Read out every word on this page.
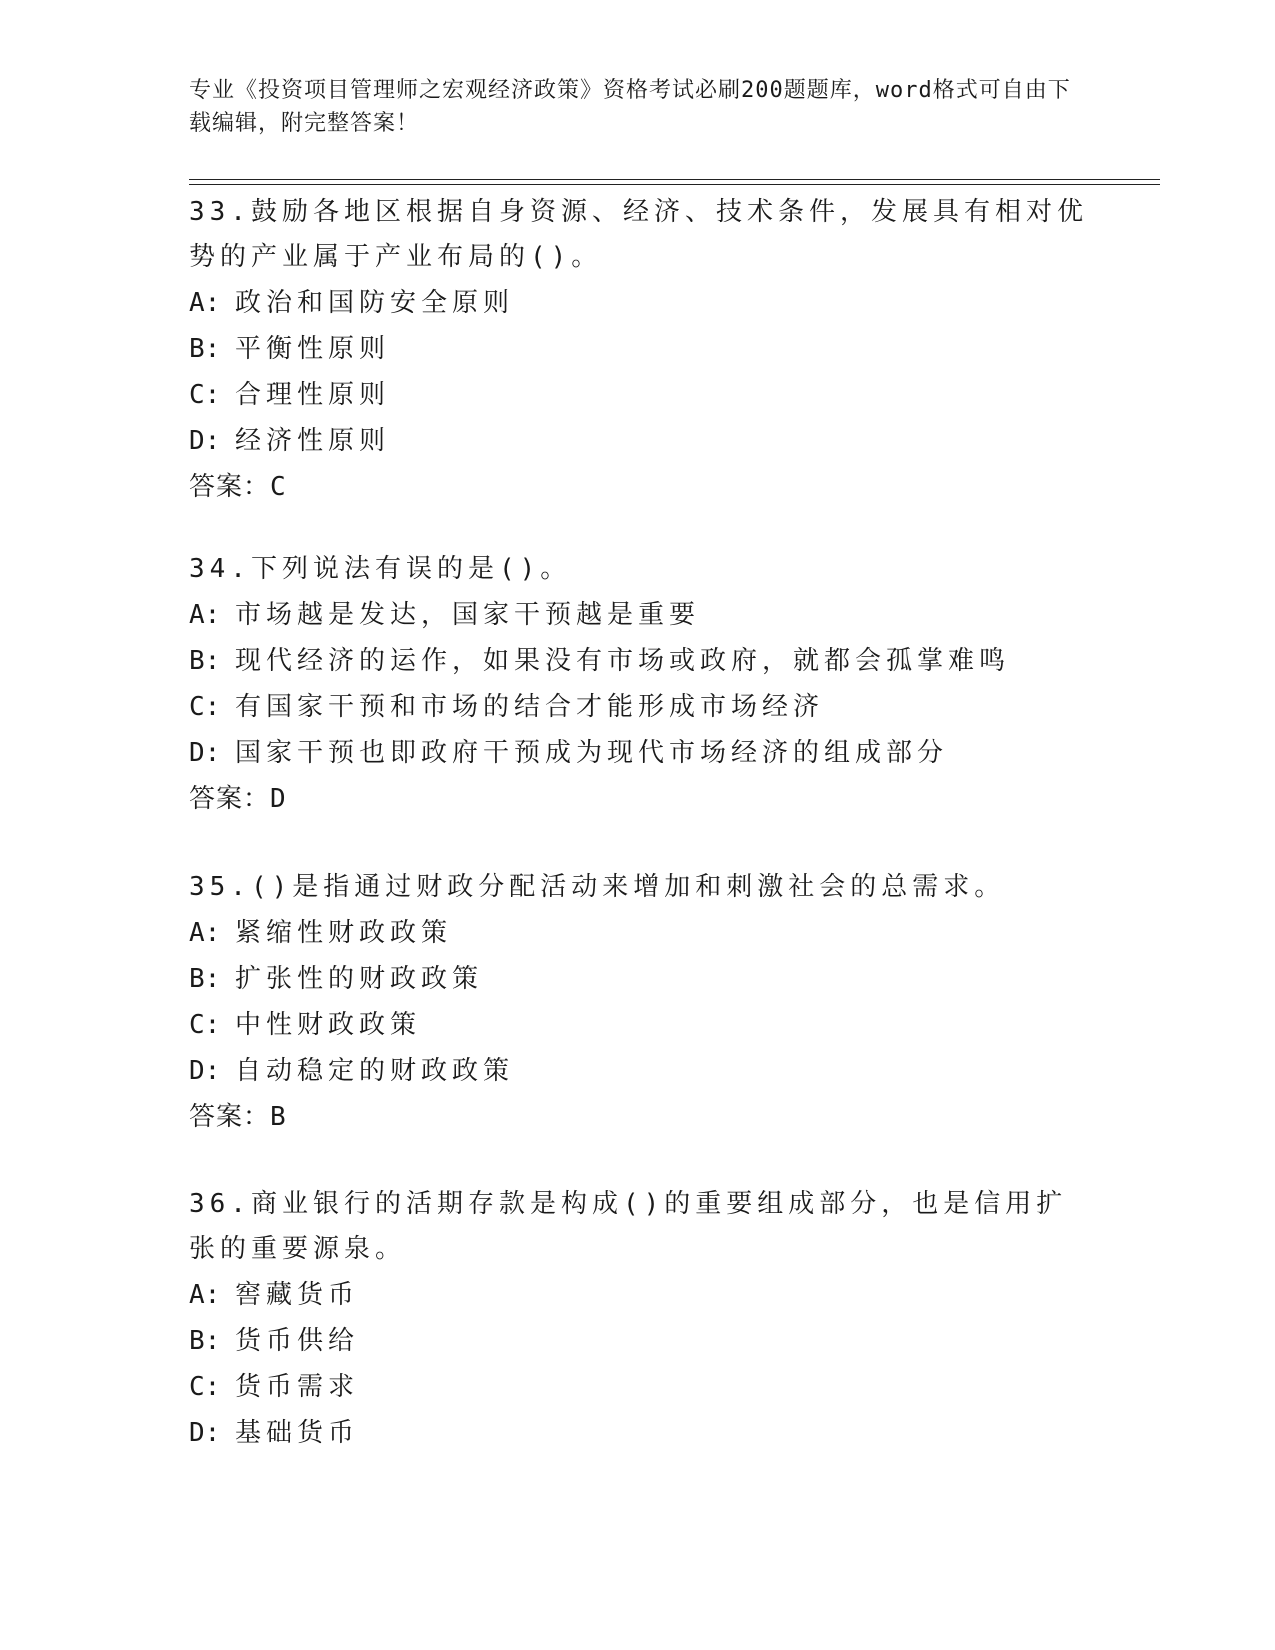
专业《投资项目管理师之宏观经济政策》资格考试必刷200题题库，word格式可自由下载编辑，附完整答案！
33.鼓励各地区根据自身资源、经济、技术条件，发展具有相对优势的产业属于产业布局的()。
A: 政治和国防安全原则
B: 平衡性原则
C: 合理性原则
D: 经济性原则
答案：C
34.下列说法有误的是()。
A: 市场越是发达，国家干预越是重要
B: 现代经济的运作，如果没有市场或政府，就都会孤掌难鸣
C: 有国家干预和市场的结合才能形成市场经济
D: 国家干预也即政府干预成为现代市场经济的组成部分
答案：D
35.()是指通过财政分配活动来增加和刺激社会的总需求。
A: 紧缩性财政政策
B: 扩张性的财政政策
C: 中性财政政策
D: 自动稳定的财政政策
答案：B
36.商业银行的活期存款是构成()的重要组成部分，也是信用扩张的重要源泉。
A: 窖藏货币
B: 货币供给
C: 货币需求
D: 基础货币
